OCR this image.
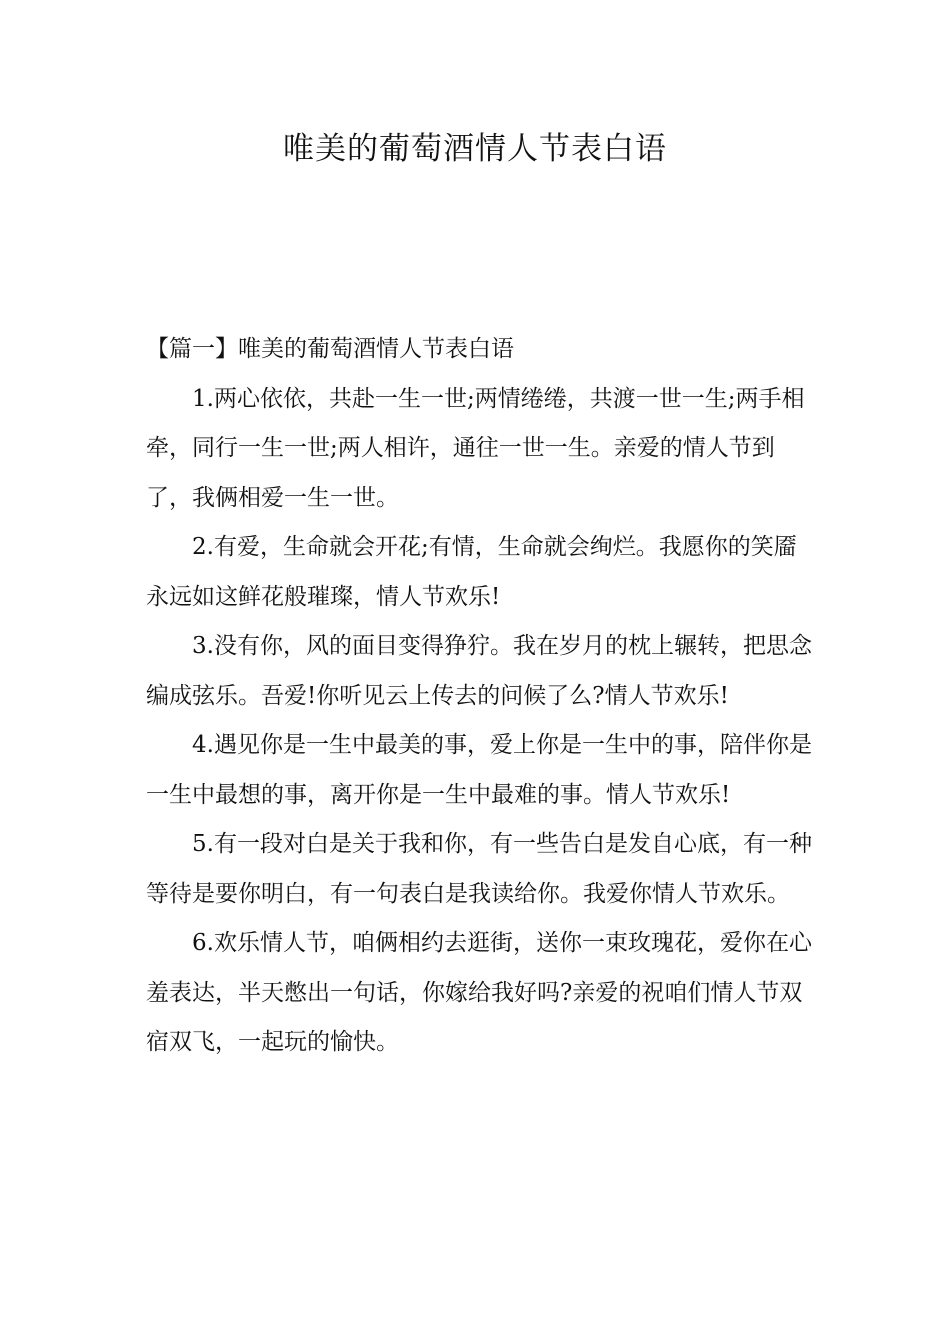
唯美的葡萄酒情人节表白语
【篇一】唯美的葡萄酒情人节表白语

1.两心依依，共赴一生一世;两情绻绻，共渡一世一生;两手相牵，同行一生一世;两人相许，通往一世一生。亲爱的情人节到了，我俩相爱一生一世。

2.有爱，生命就会开花;有情，生命就会绚烂。我愿你的笑靥永远如这鲜花般璀璨，情人节欢乐!

3.没有你，风的面目变得狰狞。我在岁月的枕上辗转，把思念编成弦乐。吾爱!你听见云上传去的问候了么?情人节欢乐!

4.遇见你是一生中最美的事，爱上你是一生中的事，陪伴你是一生中最想的事，离开你是一生中最难的事。情人节欢乐!

5.有一段对白是关于我和你，有一些告白是发自心底，有一种等待是要你明白，有一句表白是我读给你。我爱你情人节欢乐。

6.欢乐情人节，咱俩相约去逛街，送你一束玫瑰花，爱你在心羞表达，半天憋出一句话，你嫁给我好吗?亲爱的祝咱们情人节双宿双飞，一起玩的愉快。
